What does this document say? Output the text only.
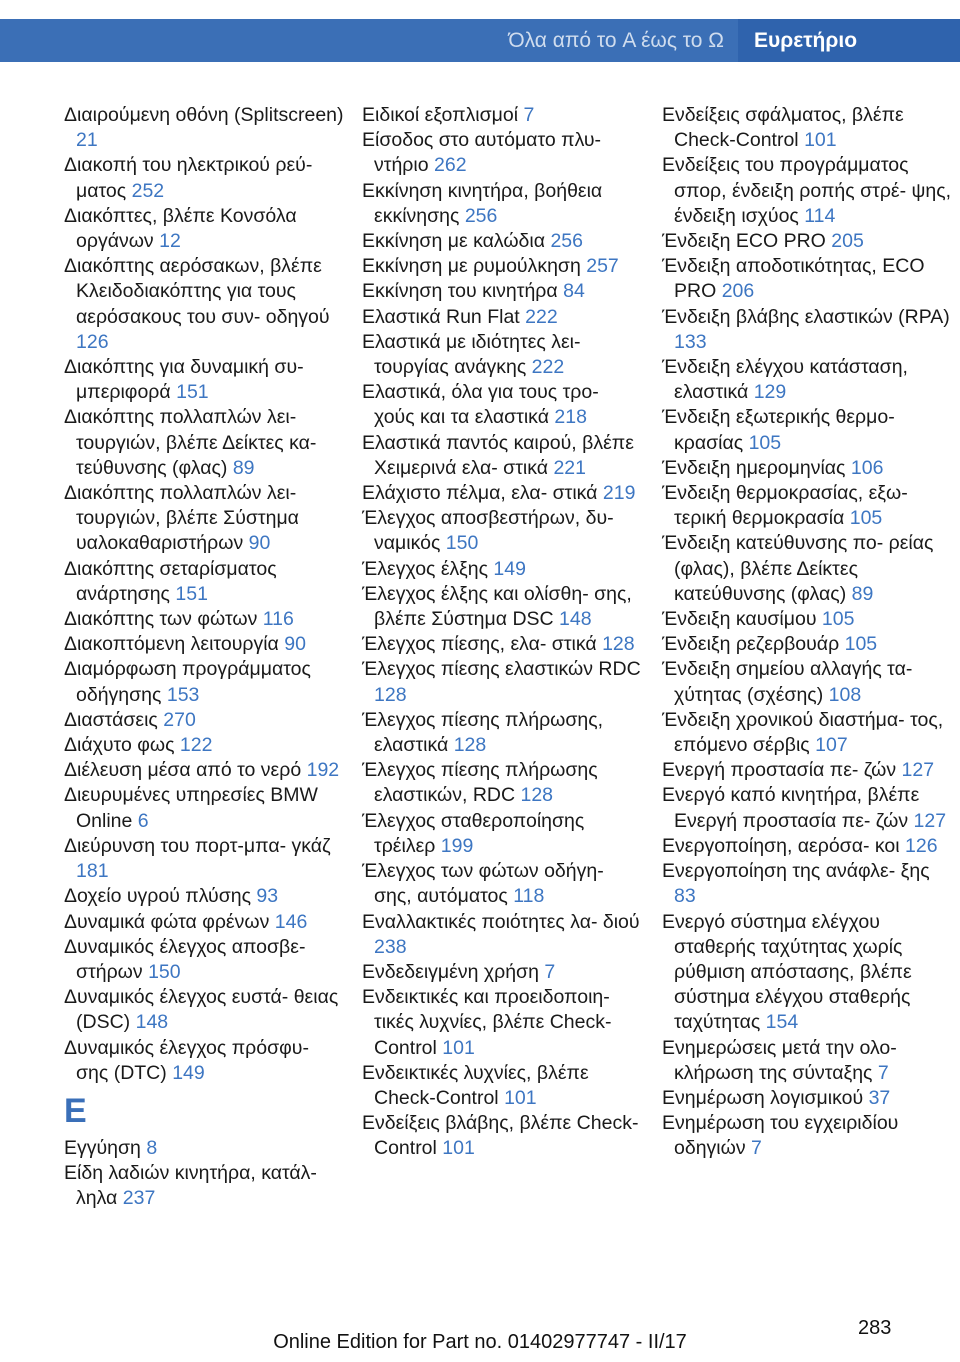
Όλα από το A έως το Ω	Ευρετήριο
Διαιρούμενη οθόνη (Splitscreen) 21
Διακοπή του ηλεκτρικού ρεύ‐ ματος 252
Διακόπτες, βλέπε Κονσόλα οργάνων 12
Διακόπτης αερόσακων, βλέπε Κλειδοδιακόπτης για τους αερόσακους του συν‐ οδηγού 126
Διακόπτης για δυναμική συ‐ μπεριφορά 151
Διακόπτης πολλαπλών λει‐ τουργιών, βλέπε Δείκτες κα‐ τεύθυνσης (φλας) 89
Διακόπτης πολλαπλών λει‐ τουργιών, βλέπε Σύστημα υαλοκαθαριστήρων 90
Διακόπτης σεταρίσματος ανάρτησης 151
Διακόπτης των φώτων 116
Διακοπτόμενη λειτουργία 90
Διαμόρφωση προγράμματος οδήγησης 153
Διαστάσεις 270
Διάχυτο φως 122
Διέλευση μέσα από το νερό 192
Διευρυμένες υπηρεσίες BMW Online 6
Διεύρυνση του πορτ-μπα‐ γκάζ 181
Δοχείο υγρού πλύσης 93
Δυναμικά φώτα φρένων 146
Δυναμικός έλεγχος αποσβε‐ στήρων 150
Δυναμικός έλεγχος ευστά‐ θειας (DSC) 148
Δυναμικός έλεγχος πρόσφυ‐ σης (DTC) 149
Ε
Εγγύηση 8
Είδη λαδιών κινητήρα, κατάλ‐ ληλα 237
Ειδικοί εξοπλισμοί 7
Είσοδος στο αυτόματο πλυ‐ ντήριο 262
Εκκίνηση κινητήρα, βοήθεια εκκίνησης 256
Εκκίνηση με καλώδια 256
Εκκίνηση με ρυμούλκηση 257
Εκκίνηση του κινητήρα 84
Ελαστικά Run Flat 222
Ελαστικά με ιδιότητες λει‐ τουργίας ανάγκης 222
Ελαστικά, όλα για τους τρο‐ χούς και τα ελαστικά 218
Ελαστικά παντός καιρού, βλέπε Χειμερινά ελα‐ στικά 221
Ελάχιστο πέλμα, ελα‐ στικά 219
Έλεγχος αποσβεστήρων, δυ‐ ναμικός 150
Έλεγχος έλξης 149
Έλεγχος έλξης και ολίσθη‐ σης, βλέπε Σύστημα DSC 148
Έλεγχος πίεσης, ελα‐ στικά 128
Έλεγχος πίεσης ελαστικών RDC 128
Έλεγχος πίεσης πλήρωσης, ελαστικά 128
Έλεγχος πίεσης πλήρωσης ελαστικών, RDC 128
Έλεγχος σταθεροποίησης τρέιλερ 199
Έλεγχος των φώτων οδήγη‐ σης, αυτόματος 118
Εναλλακτικές ποιότητες λα‐ διού 238
Ενδεδειγμένη χρήση 7
Ενδεικτικές και προειδοποιη‐ τικές λυχνίες, βλέπε Check- Control 101
Ενδεικτικές λυχνίες, βλέπε Check-Control 101
Ενδείξεις βλάβης, βλέπε Check-Control 101
Ενδείξεις σφάλματος, βλέπε Check-Control 101
Ενδείξεις του προγράμματος σπορ, ένδειξη ροπής στρέ‐ ψης, ένδειξη ισχύος 114
Ένδειξη ECO PRO 205
Ένδειξη αποδοτικότητας, ECO PRO 206
Ένδειξη βλάβης ελαστικών (RPA) 133
Ένδειξη ελέγχου κατάσταση, ελαστικά 129
Ένδειξη εξωτερικής θερμο‐ κρασίας 105
Ένδειξη ημερομηνίας 106
Ένδειξη θερμοκρασίας, εξω‐ τερική θερμοκρασία 105
Ένδειξη κατεύθυνσης πο‐ ρείας (φλας), βλέπε Δείκτες κατεύθυνσης (φλας) 89
Ένδειξη καυσίμου 105
Ένδειξη ρεζερβουάρ 105
Ένδειξη σημείου αλλαγής τα‐ χύτητας (σχέσης) 108
Ένδειξη χρονικού διαστήμα‐ τος, επόμενο σέρβις 107
Ενεργή προστασία πε‐ ζών 127
Ενεργό καπό κινητήρα, βλέπε Ενεργή προστασία πε‐ ζών 127
Ενεργοποίηση, αερόσα‐ κοι 126
Ενεργοποίηση της ανάφλε‐ ξης 83
Ενεργό σύστημα ελέγχου σταθερής ταχύτητας χωρίς ρύθμιση απόστασης, βλέπε σύστημα ελέγχου σταθερής ταχύτητας 154
Ενημερώσεις μετά την ολο‐ κλήρωση της σύνταξης 7
Ενημέρωση λογισμικού 37
Ενημέρωση του εγχειριδίου οδηγιών 7
283
Online Edition for Part no. 01402977747 - II/17
